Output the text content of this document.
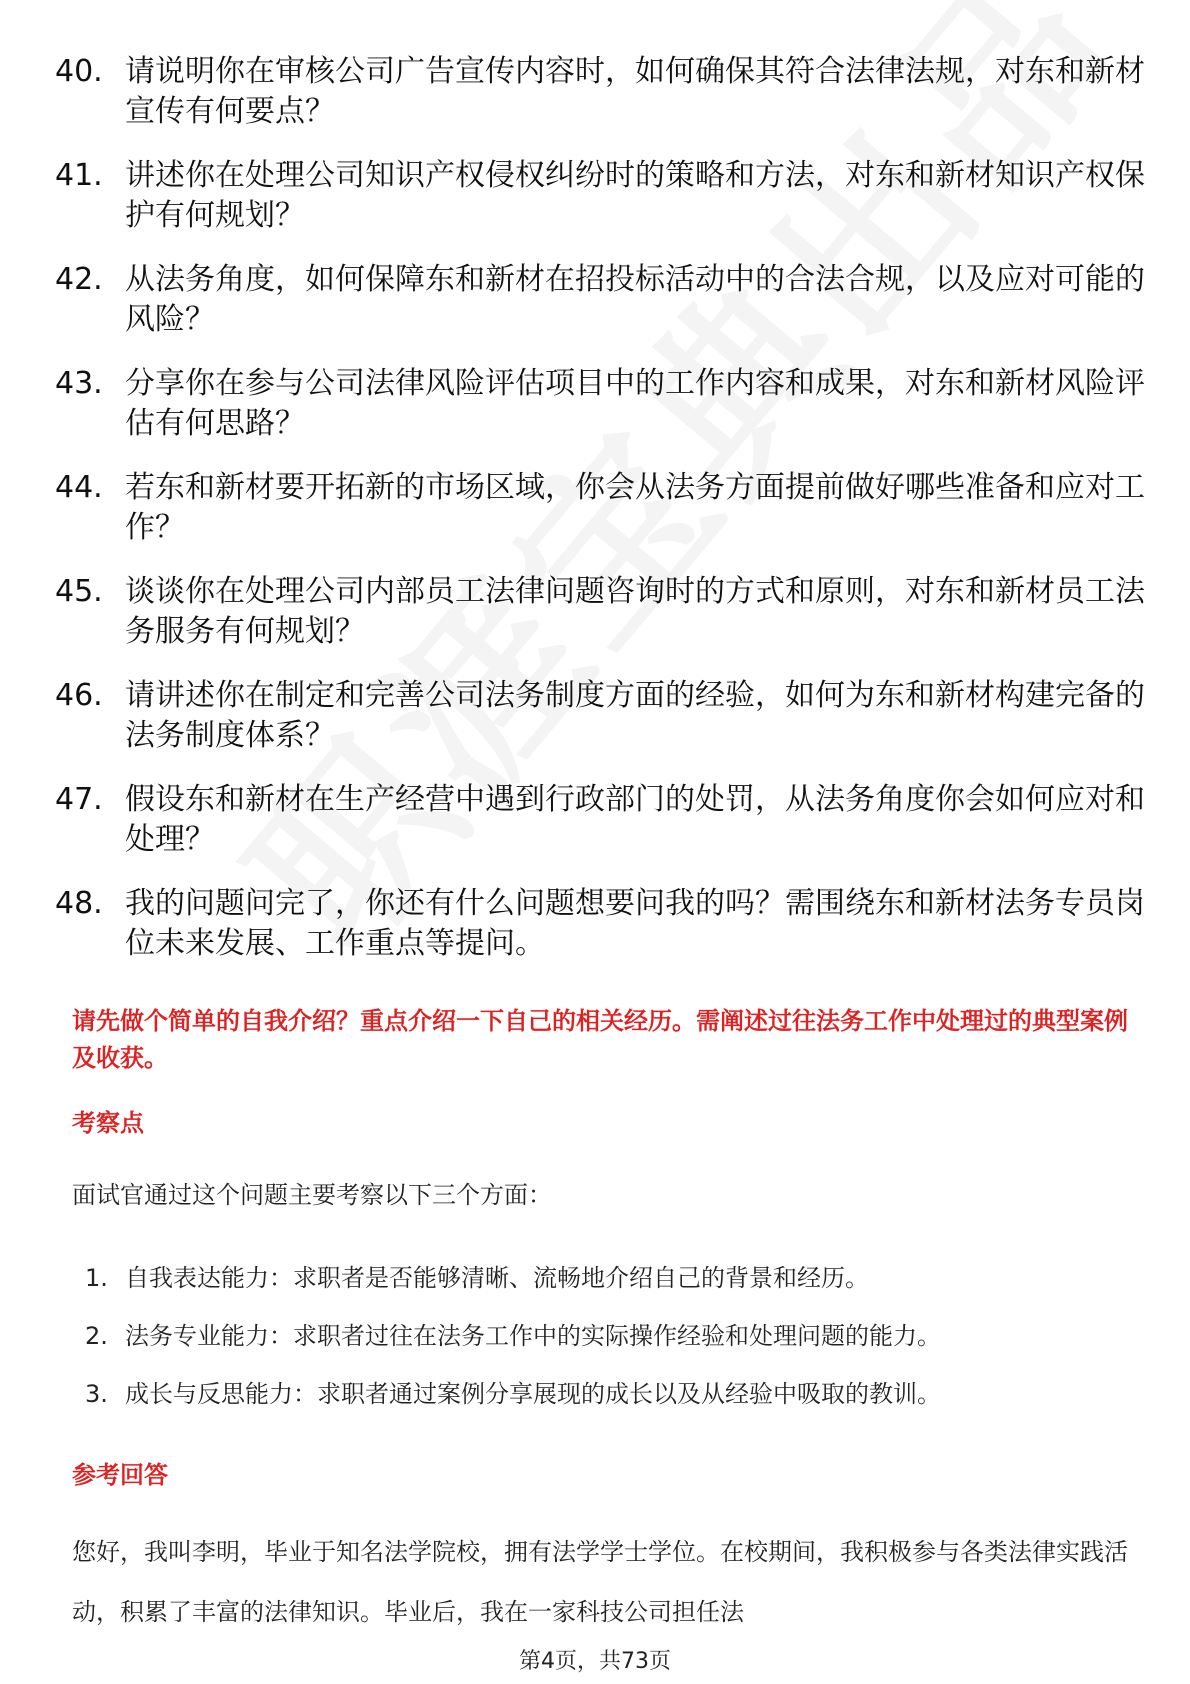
40. 请说明你在审核公司广告宣传内容时，如何确保其符合法律法规，对东和新材宣传有何要点？
41. 讲述你在处理公司知识产权侵权纠纷时的策略和方法，对东和新材知识产权保护有何规划？
42. 从法务角度，如何保障东和新材在招投标活动中的合法合规，以及应对可能的风险？
43. 分享你在参与公司法律风险评估项目中的工作内容和成果，对东和新材风险评估有何思路？
44. 若东和新材要开拓新的市场区域，你会从法务方面提前做好哪些准备和应对工作？
45. 谈谈你在处理公司内部员工法律问题咨询时的方式和原则，对东和新材员工法务服务有何规划？
46. 请讲述你在制定和完善公司法务制度方面的经验，如何为东和新材构建完备的法务制度体系？
47. 假设东和新材在生产经营中遇到行政部门的处罚，从法务角度你会如何应对和处理？
48. 我的问题问完了，你还有什么问题想要问我的吗？需围绕东和新材法务专员岗位未来发展、工作重点等提问。
请先做个简单的自我介绍？重点介绍一下自己的相关经历。需阐述过往法务工作中处理过的典型案例及收获。
考察点
面试官通过这个问题主要考察以下三个方面：
1. 自我表达能力：求职者是否能够清晰、流畅地介绍自己的背景和经历。
2. 法务专业能力：求职者过往在法务工作中的实际操作经验和处理问题的能力。
3. 成长与反思能力：求职者通过案例分享展现的成长以及从经验中吸取的教训。
参考回答
您好，我叫李明，毕业于知名法学院校，拥有法学学士学位。在校期间，我积极参与各类法律实践活动，积累了丰富的法律知识。毕业后，我在一家科技公司担任法
第4页，共73页
